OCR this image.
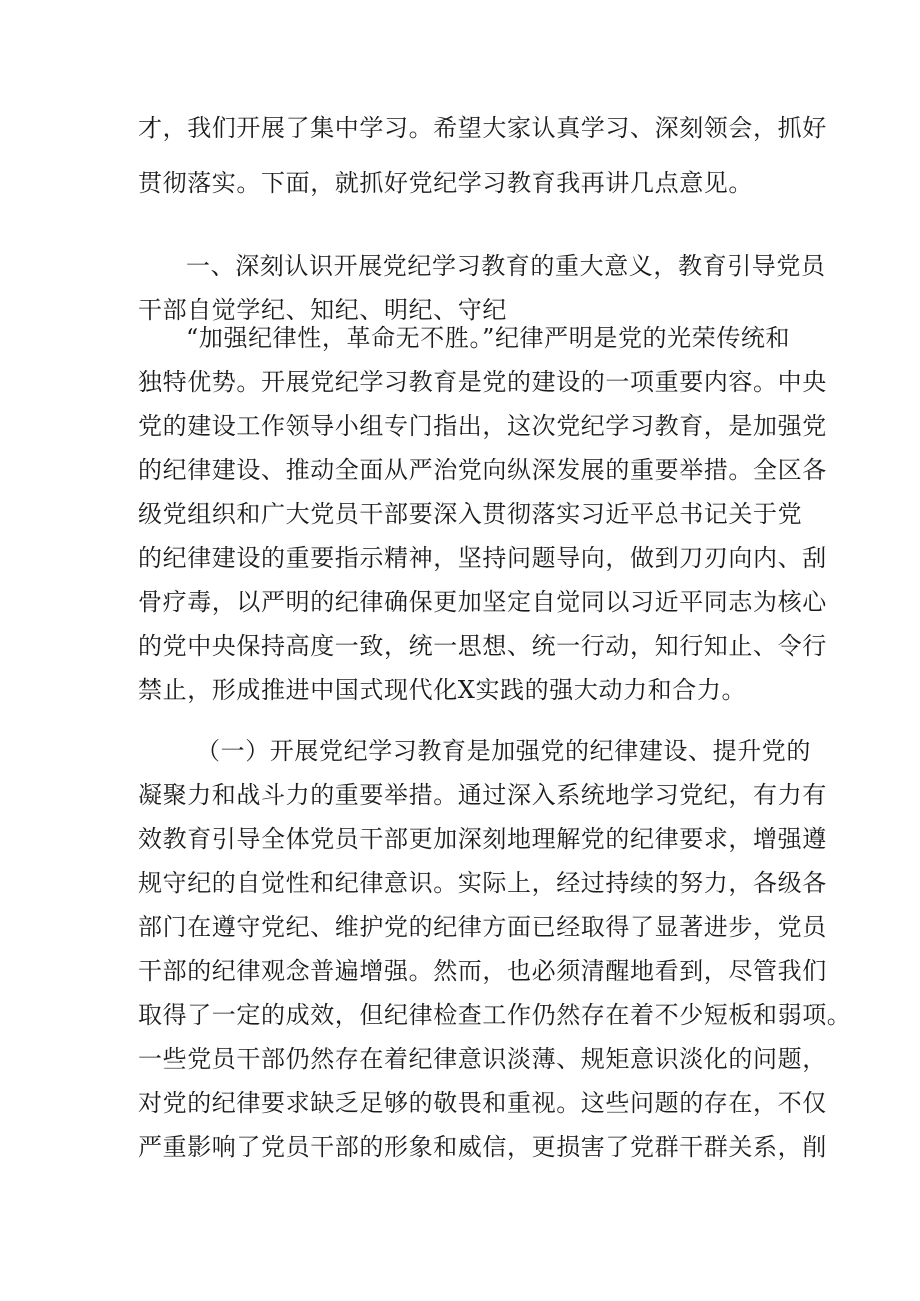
才，我们开展了集中学习。希望大家认真学习、深刻领会，抓好
贯彻落实。下面，就抓好党纪学习教育我再讲几点意见。
一、深刻认识开展党纪学习教育的重大意义，教育引导党员
干部自觉学纪、知纪、明纪、守纪
“加强纪律性，革命无不胜。”纪律严明是党的光荣传统和
独特优势。开展党纪学习教育是党的建设的一项重要内容。中央
党的建设工作领导小组专门指出，这次党纪学习教育，是加强党
的纪律建设、推动全面从严治党向纵深发展的重要举措。全区各
级党组织和广大党员干部要深入贯彻落实习近平总书记关于党
的纪律建设的重要指示精神，坚持问题导向，做到刀刃向内、刮
骨疗毒，以严明的纪律确保更加坚定自觉同以习近平同志为核心
的党中央保持高度一致，统一思想、统一行动，知行知止、令行
禁止，形成推进中国式现代化X实践的强大动力和合力。
（一）开展党纪学习教育是加强党的纪律建设、提升党的
凝聚力和战斗力的重要举措。通过深入系统地学习党纪，有力有
效教育引导全体党员干部更加深刻地理解党的纪律要求，增强遵
规守纪的自觉性和纪律意识。实际上，经过持续的努力，各级各
部门在遵守党纪、维护党的纪律方面已经取得了显著进步，党员
干部的纪律观念普遍增强。然而，也必须清醒地看到，尽管我们
取得了一定的成效，但纪律检查工作仍然存在着不少短板和弱项。
一些党员干部仍然存在着纪律意识淡薄、规矩意识淡化的问题，
对党的纪律要求缺乏足够的敬畏和重视。这些问题的存在，不仅
严重影响了党员干部的形象和威信，更损害了党群干群关系，削
